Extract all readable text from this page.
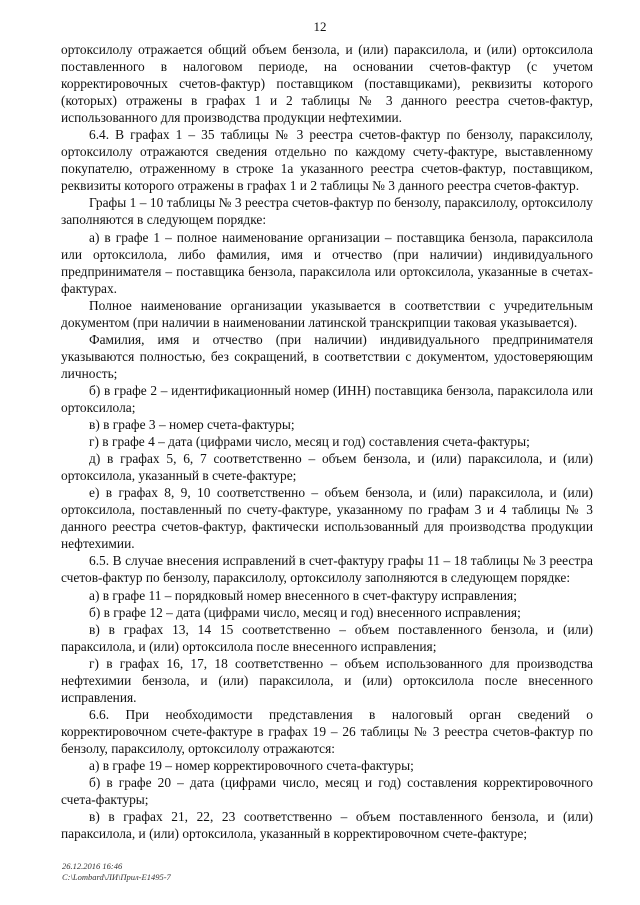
12

ортоксилолу отражается общий объем бензола, и (или) параксилола, и (или) ортоксилола поставленного в налоговом периоде, на основании счетов-фактур (с учетом корректировочных счетов-фактур) поставщиком (поставщиками), реквизиты которого (которых) отражены в графах 1 и 2 таблицы № 3 данного реестра счетов-фактур, использованного для производства продукции нефтехимии.

6.4. В графах 1 – 35 таблицы № 3 реестра счетов-фактур по бензолу, параксилолу, ортоксилолу отражаются сведения отдельно по каждому счету-фактуре, выставленному покупателю, отраженному в строке 1а указанного реестра счетов-фактур, поставщиком, реквизиты которого отражены в графах 1 и 2 таблицы № 3 данного реестра счетов-фактур.

Графы 1 – 10 таблицы № 3 реестра счетов-фактур по бензолу, параксилолу, ортоксилолу заполняются в следующем порядке:

а) в графе 1 – полное наименование организации – поставщика бензола, параксилола или ортоксилола, либо фамилия, имя и отчество (при наличии) индивидуального предпринимателя – поставщика бензола, параксилола или ортоксилола, указанные в счетах-фактурах.

Полное наименование организации указывается в соответствии с учредительным документом (при наличии в наименовании латинской транскрипции таковая указывается).

Фамилия, имя и отчество (при наличии) индивидуального предпринимателя указываются полностью, без сокращений, в соответствии с документом, удостоверяющим личность;

б) в графе 2 – идентификационный номер (ИНН) поставщика бензола, параксилола или ортоксилола;

в) в графе 3 – номер счета-фактуры;

г) в графе 4 – дата (цифрами число, месяц и год) составления счета-фактуры;

д) в графах 5, 6, 7 соответственно – объем бензола, и (или) параксилола, и (или) ортоксилола, указанный в счете-фактуре;

е) в графах 8, 9, 10 соответственно – объем бензола, и (или) параксилола, и (или) ортоксилола, поставленный по счету-фактуре, указанному по графам 3 и 4 таблицы № 3 данного реестра счетов-фактур, фактически использованный для производства продукции нефтехимии.

6.5. В случае внесения исправлений в счет-фактуру графы 11 – 18 таблицы № 3 реестра счетов-фактур по бензолу, параксилолу, ортоксилолу заполняются в следующем порядке:

а) в графе 11 – порядковый номер внесенного в счет-фактуру исправления;

б) в графе 12 – дата (цифрами число, месяц и год) внесенного исправления;

в) в графах 13, 14 15 соответственно – объем поставленного бензола, и (или) параксилола, и (или) ортоксилола после внесенного исправления;

г) в графах 16, 17, 18 соответственно – объем использованного для производства нефтехимии бензола, и (или) параксилола, и (или) ортоксилола после внесенного исправления.

6.6. При необходимости представления в налоговый орган сведений о корректировочном счете-фактуре в графах 19 – 26 таблицы № 3 реестра счетов-фактур по бензолу, параксилолу, ортоксилолу отражаются:

а) в графе 19 – номер корректировочного счета-фактуры;

б) в графе 20 – дата (цифрами число, месяц и год) составления корректировочного счета-фактуры;

в) в графах 21, 22, 23 соответственно – объем поставленного бензола, и (или) параксилола, и (или) ортоксилола, указанный в корректировочном счете-фактуре;

26.12.2016 16:46
C:\Lombard\ЛИ\Прил-Е1495-7
